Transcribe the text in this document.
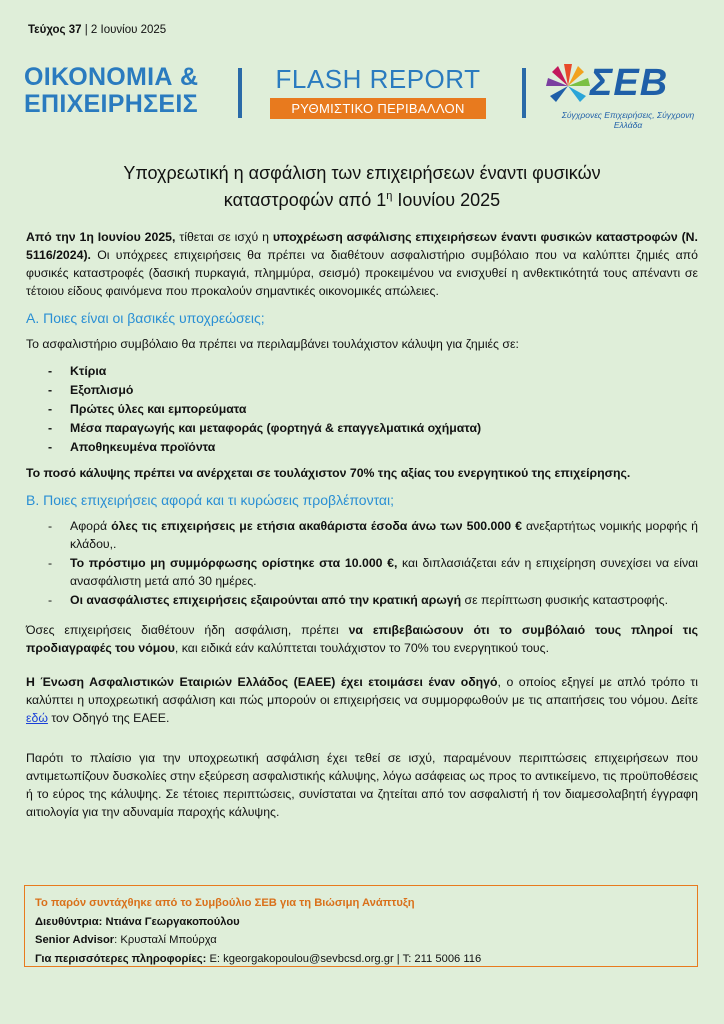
Τεύχος 37 | 2 Ιουνίου 2025
ΟΙΚΟΝΟΜΙΑ &
ΕΠΙΧΕΙΡΗΣΕΙΣ
FLASH REPORT
ΡΥΘΜΙΣΤΙΚΟ ΠΕΡΙΒΑΛΛΟΝ
ΣΕΒ
Σύγχρονες Επιχειρήσεις, Σύγχρονη Ελλάδα
Υποχρεωτική η ασφάλιση των επιχειρήσεων έναντι φυσικών
καταστροφών από $1^\eta$ Ιουνίου 2025

Από την 1η Ιουνίου 2025, τίθεται σε ισχύ η υποχρέωση ασφάλισης επιχειρήσεων έναντι φυσικών καταστροφών (Ν. 5116/2024). Οι υπόχρεες επιχειρήσεις θα πρέπει να διαθέτουν ασφαλιστήριο συμβόλαιο που να καλύπτει ζημιές από φυσικές καταστροφές (δασική πυρκαγιά, πλημμύρα, σεισμό) προκειμένου να ενισχυθεί η ανθεκτικότητά τους απέναντι σε τέτοιου είδους φαινόμενα που προκαλούν σημαντικές οικονομικές απώλειες.

Α. Ποιες είναι οι βασικές υποχρεώσεις;

Το ασφαλιστήριο συμβόλαιο θα πρέπει να περιλαμβάνει τουλάχιστον κάλυψη για ζημιές σε:

- Κτίρια
- Εξοπλισμό
- Πρώτες ύλες και εμπορεύματα
- Μέσα παραγωγής και μεταφοράς (φορτηγά & επαγγελματικά οχήματα)
- Αποθηκευμένα προϊόντα

Το ποσό κάλυψης πρέπει να ανέρχεται σε τουλάχιστον 70% της αξίας του ενεργητικού της επιχείρησης.

Β. Ποιες επιχειρήσεις αφορά και τι κυρώσεις προβλέπονται;
- Αφορά όλες τις επιχειρήσεις με ετήσια ακαθάριστα έσοδα άνω των 500.000 € ανεξαρτήτως νομικής μορφής ή κλάδου,.
- Το πρόστιμο μη συμμόρφωσης ορίστηκε στα 10.000 €, και διπλασιάζεται εάν η επιχείρηση συνεχίσει να είναι ανασφάλιστη μετά από 30 ημέρες.
- Οι ανασφάλιστες επιχειρήσεις εξαιρούνται από την κρατική αρωγή σε περίπτωση φυσικής καταστροφής.

Όσες επιχειρήσεις διαθέτουν ήδη ασφάλιση, πρέπει να επιβεβαιώσουν ότι το συμβόλαιό τους πληροί τις προδιαγραφές του νόμου, και ειδικά εάν καλύπτεται τουλάχιστον το 70% του ενεργητικού τους.

Η Ένωση Ασφαλιστικών Εταιριών Ελλάδος (ΕΑΕΕ) έχει ετοιμάσει έναν οδηγό, ο οποίος εξηγεί με απλό τρόπο τι καλύπτει η υποχρεωτική ασφάλιση και πώς μπορούν οι επιχειρήσεις να συμμορφωθούν με τις απαιτήσεις του νόμου. Δείτε εδώ τον Οδηγό της ΕΑΕΕ.

Παρότι το πλαίσιο για την υποχρεωτική ασφάλιση έχει τεθεί σε ισχύ, παραμένουν περιπτώσεις επιχειρήσεων που αντιμετωπίζουν δυσκολίες στην εξεύρεση ασφαλιστικής κάλυψης, λόγω ασάφειας ως προς το αντικείμενο, τις προϋποθέσεις ή το εύρος της κάλυψης. Σε τέτοιες περιπτώσεις, συνίσταται να ζητείται από τον ασφαλιστή ή τον διαμεσολαβητή έγγραφη αιτιολογία για την αδυναμία παροχής κάλυψης.

Το παρόν συντάχθηκε από το Συμβούλιο ΣΕΒ για τη Βιώσιμη Ανάπτυξη
Διευθύντρια: Ντιάνα Γεωργακοπούλου
Senior Advisor: Κρυσταλί Μπούρχα
Για περισσότερες πληροφορίες: E: kgeorgakopoulou@sevbcsd.org.gr | T: 211 5006 116
